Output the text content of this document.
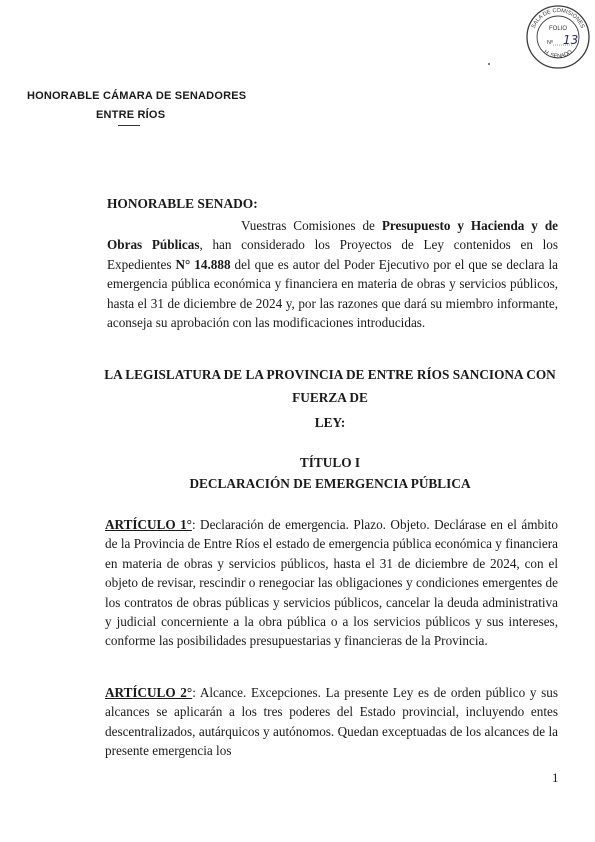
SALA DE COMISIONES
H. SENADO
FOLIO
Nº 13
HONORABLE CÁMARA DE SENADORES
ENTRE RÍOS
HONORABLE SENADO:
Vuestras Comisiones de Presupuesto y Hacienda y de Obras Públicas, han considerado los Proyectos de Ley contenidos en los Expedientes N° 14.888 del que es autor del Poder Ejecutivo por el que se declara la emergencia pública económica y financiera en materia de obras y servicios públicos, hasta el 31 de diciembre de 2024 y, por las razones que dará su miembro informante, aconseja su aprobación con las modificaciones introducidas.
LA LEGISLATURA DE LA PROVINCIA DE ENTRE RÍOS SANCIONA CON
FUERZA DE
LEY:
TÍTULO I
DECLARACIÓN DE EMERGENCIA PÚBLICA
ARTÍCULO 1°: Declaración de emergencia. Plazo. Objeto. Declárase en el ámbito de la Provincia de Entre Ríos el estado de emergencia pública económica y financiera en materia de obras y servicios públicos, hasta el 31 de diciembre de 2024, con el objeto de revisar, rescindir o renegociar las obligaciones y condiciones emergentes de los contratos de obras públicas y servicios públicos, cancelar la deuda administrativa y judicial concerniente a la obra pública o a los servicios públicos y sus intereses, conforme las posibilidades presupuestarias y financieras de la Provincia.
ARTÍCULO 2°: Alcance. Excepciones. La presente Ley es de orden público y sus alcances se aplicarán a los tres poderes del Estado provincial, incluyendo entes descentralizados, autárquicos y autónomos. Quedan exceptuadas de los alcances de la presente emergencia los
1
